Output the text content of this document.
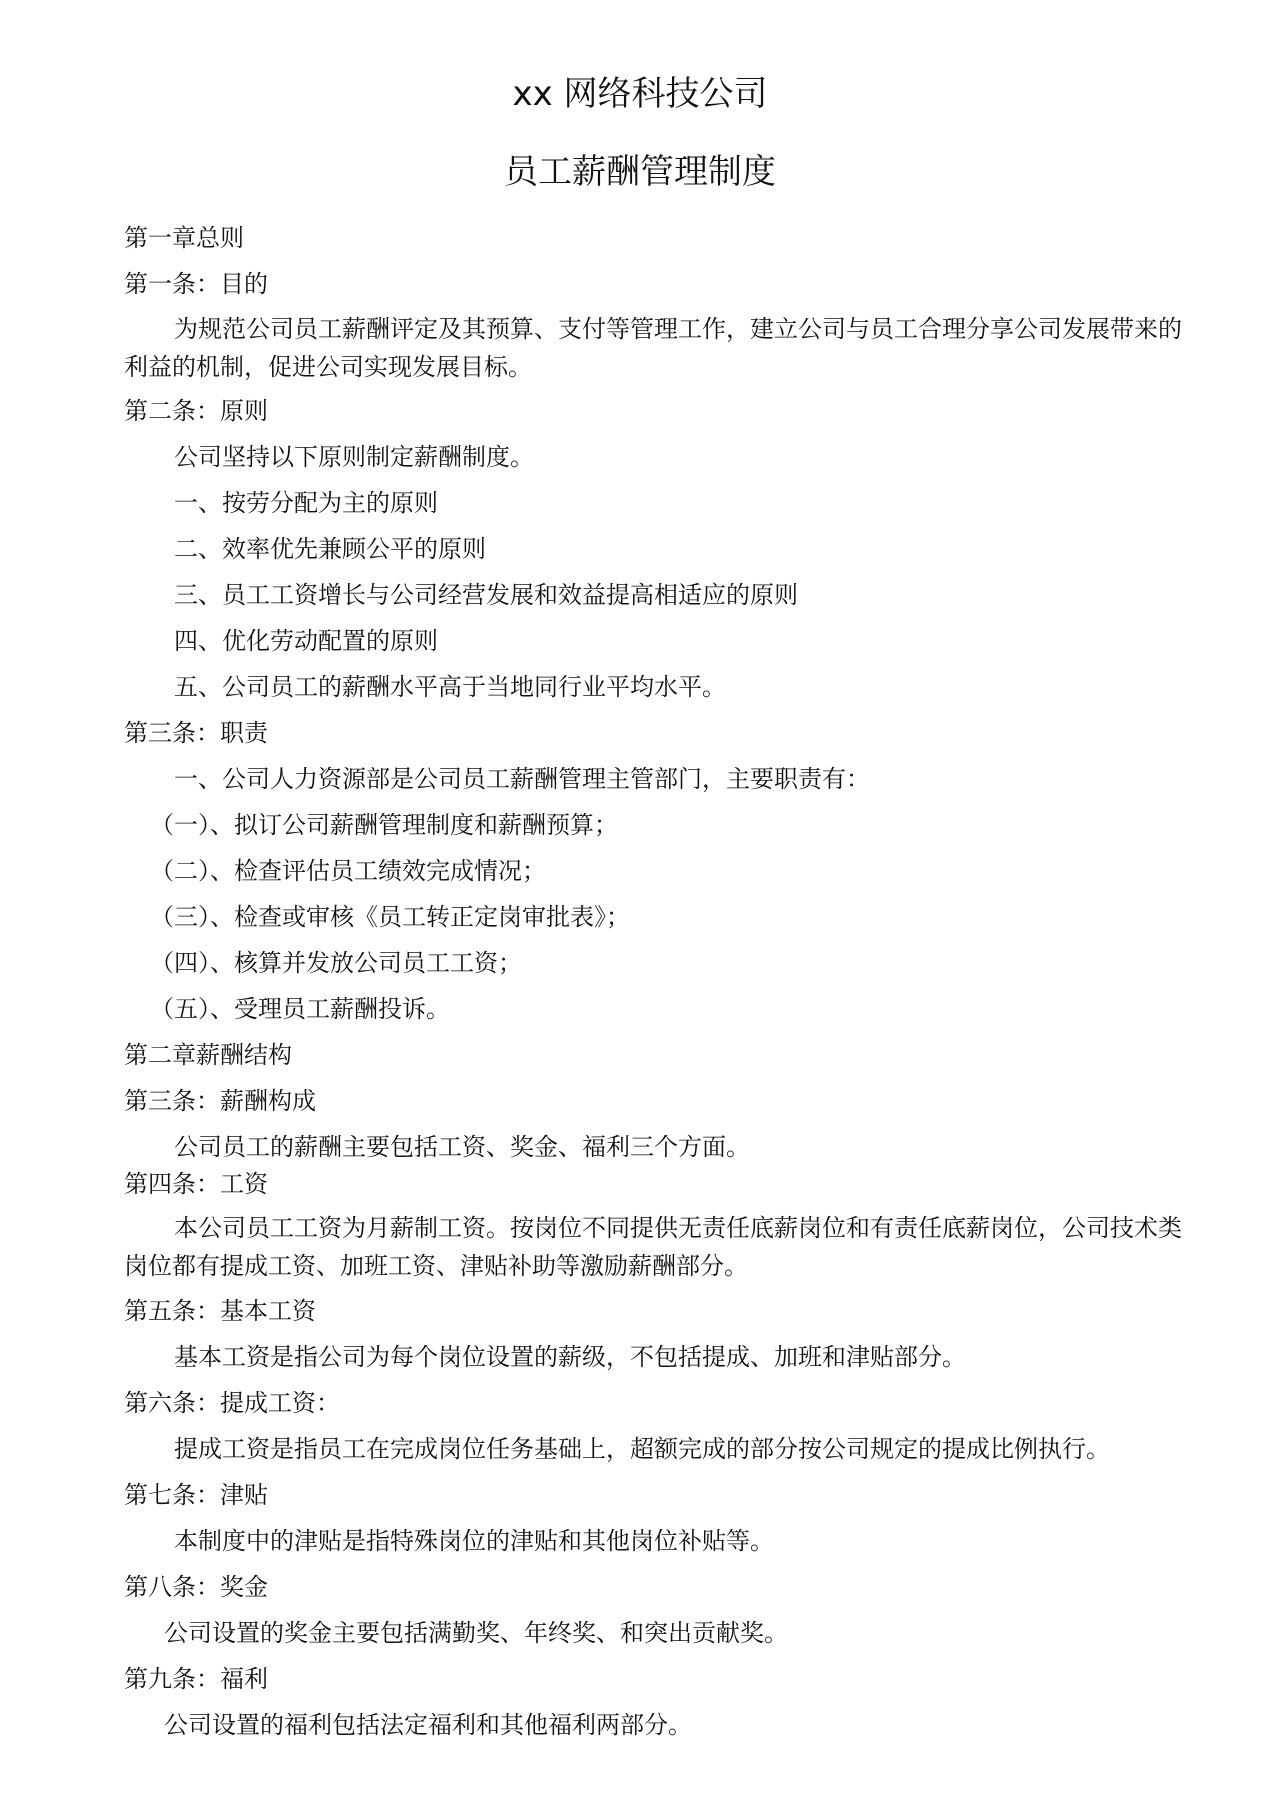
xx 网络科技公司
员工薪酬管理制度
第一章总则
第一条：目的
为规范公司员工薪酬评定及其预算、支付等管理工作，建立公司与员工合理分享公司发展带来的利益的机制，促进公司实现发展目标。
第二条：原则
公司坚持以下原则制定薪酬制度。
一、按劳分配为主的原则
二、效率优先兼顾公平的原则
三、员工工资增长与公司经营发展和效益提高相适应的原则
四、优化劳动配置的原则
五、公司员工的薪酬水平高于当地同行业平均水平。
第三条：职责
一、公司人力资源部是公司员工薪酬管理主管部门，主要职责有：
（一）、拟订公司薪酬管理制度和薪酬预算；
（二）、检查评估员工绩效完成情况；
（三）、检查或审核《员工转正定岗审批表》；
（四）、核算并发放公司员工工资；
（五）、受理员工薪酬投诉。
第二章薪酬结构
第三条：薪酬构成
公司员工的薪酬主要包括工资、奖金、福利三个方面。
第四条：工资
本公司员工工资为月薪制工资。按岗位不同提供无责任底薪岗位和有责任底薪岗位，公司技术类岗位都有提成工资、加班工资、津贴补助等激励薪酬部分。
第五条：基本工资
基本工资是指公司为每个岗位设置的薪级，不包括提成、加班和津贴部分。
第六条：提成工资：
提成工资是指员工在完成岗位任务基础上，超额完成的部分按公司规定的提成比例执行。
第七条：津贴
本制度中的津贴是指特殊岗位的津贴和其他岗位补贴等。
第八条：奖金
公司设置的奖金主要包括满勤奖、年终奖、和突出贡献奖。
第九条：福利
公司设置的福利包括法定福利和其他福利两部分。
